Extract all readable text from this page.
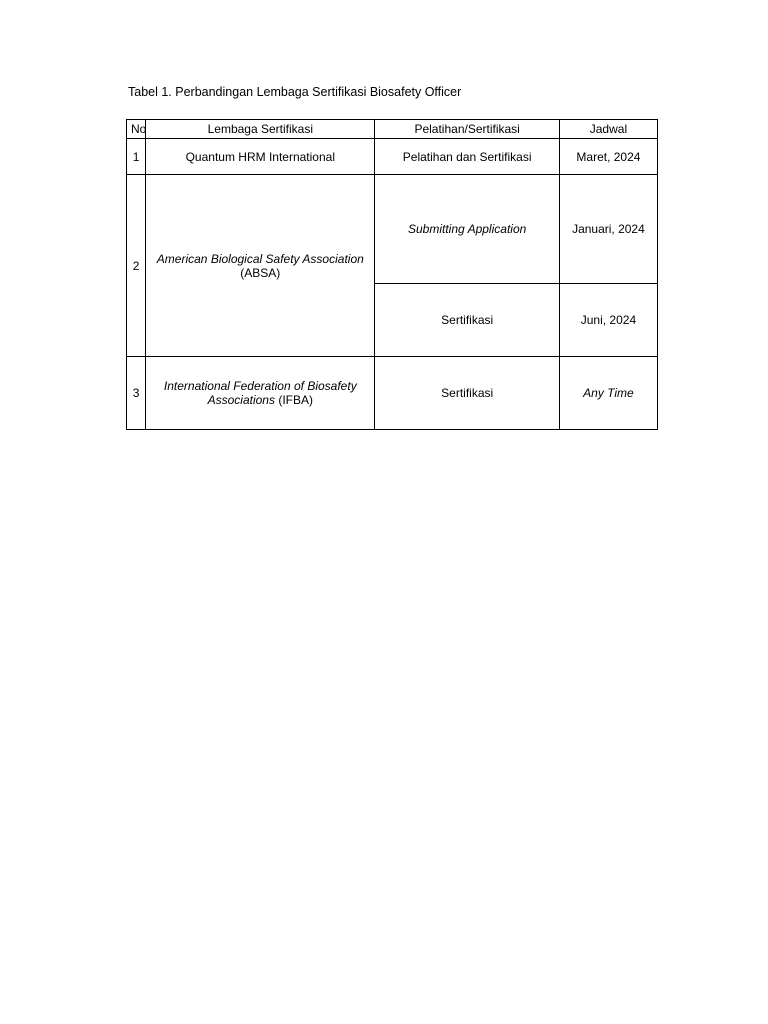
Tabel 1. Perbandingan Lembaga Sertifikasi Biosafety Officer
No	Lembaga Sertifikasi	Pelatihan/Sertifikasi	Jadwal
1	Quantum HRM International	Pelatihan dan Sertifikasi	Maret, 2024
2	American Biological Safety Association (ABSA)	Submitting Application	Januari, 2024
		Sertifikasi	Juni, 2024
3	International Federation of Biosafety Associations (IFBA)	Sertifikasi	Any Time
